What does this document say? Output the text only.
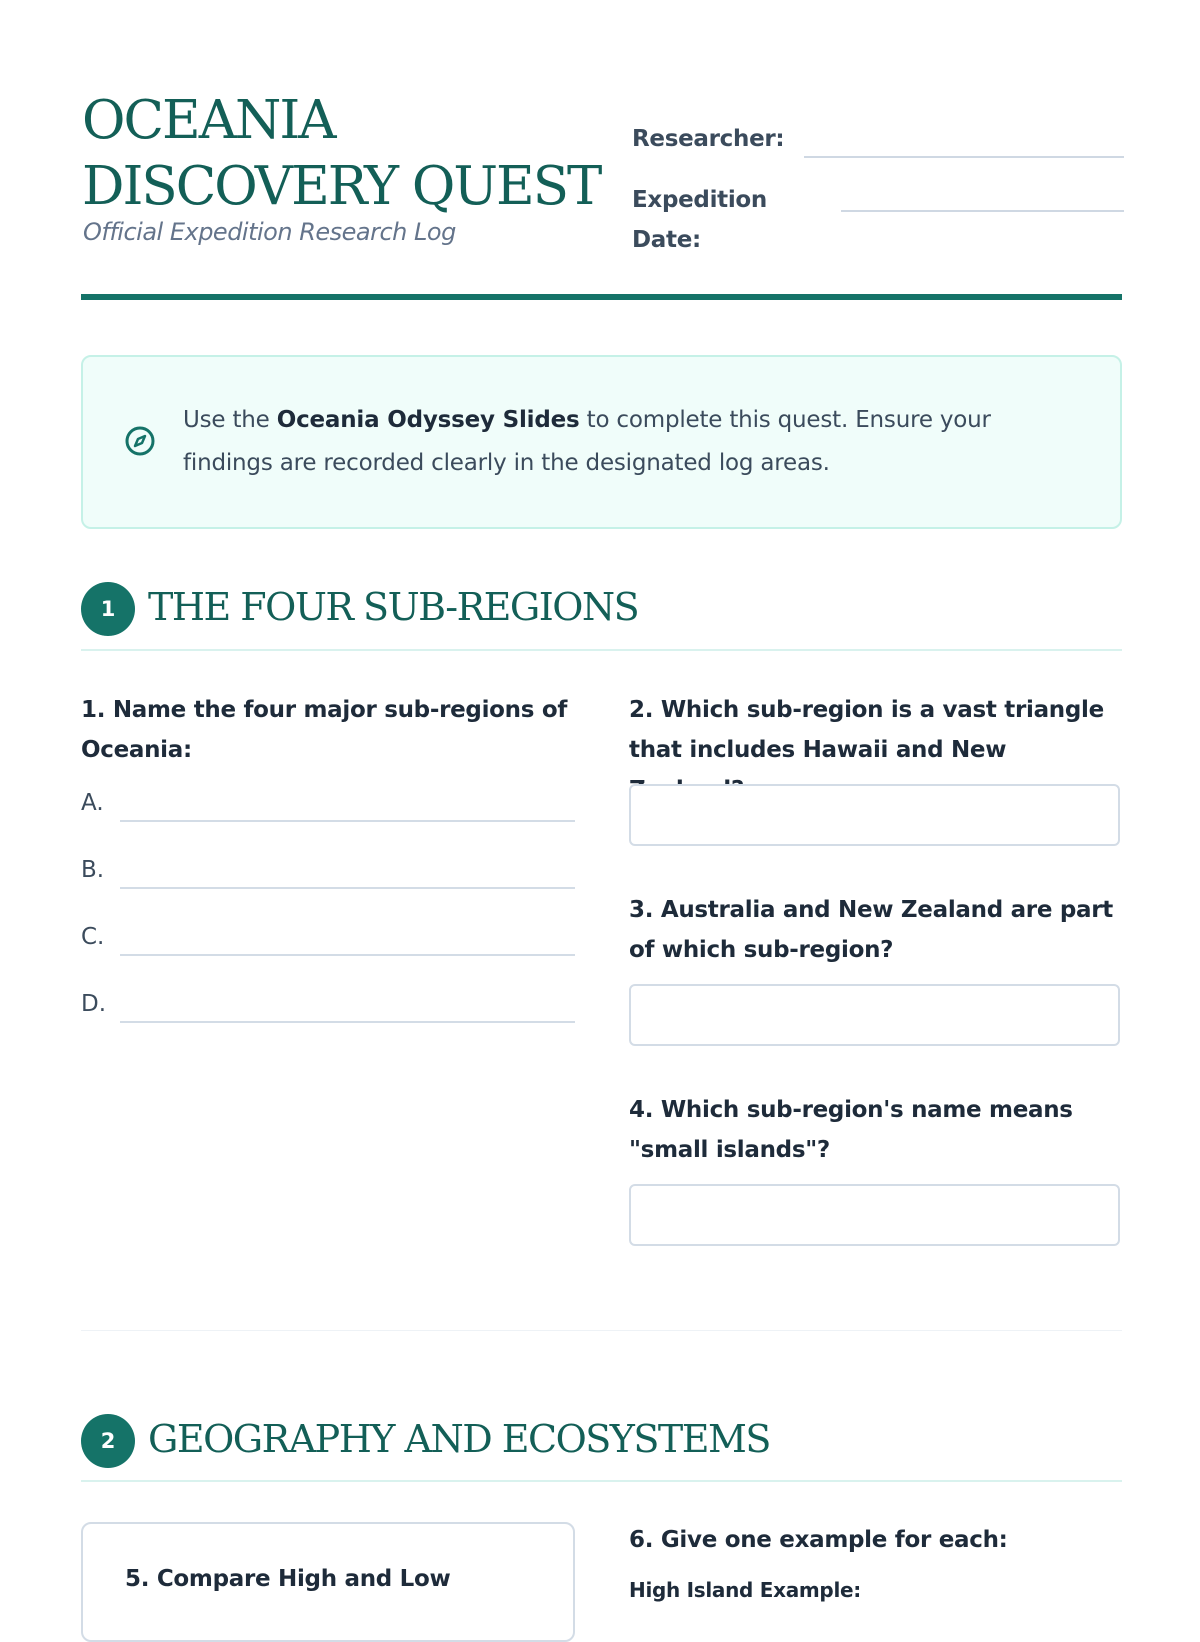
OCEANIA
DISCOVERY QUEST
Official Expedition Research Log
Researcher:
Expedition
Date:
Use the Oceania Odyssey Slides to complete this quest. Ensure your findings are recorded clearly in the designated log areas.
1 THE FOUR SUB-REGIONS
1. Name the four major sub-regions of Oceania:
A.
B.
C.
D.
2. Which sub-region is a vast triangle that includes Hawaii and New
3. Australia and New Zealand are part of which sub-region?
4. Which sub-region's name means "small islands"?
2 GEOGRAPHY AND ECOSYSTEMS
5. Compare High and Low
6. Give one example for each:
High Island Example:
